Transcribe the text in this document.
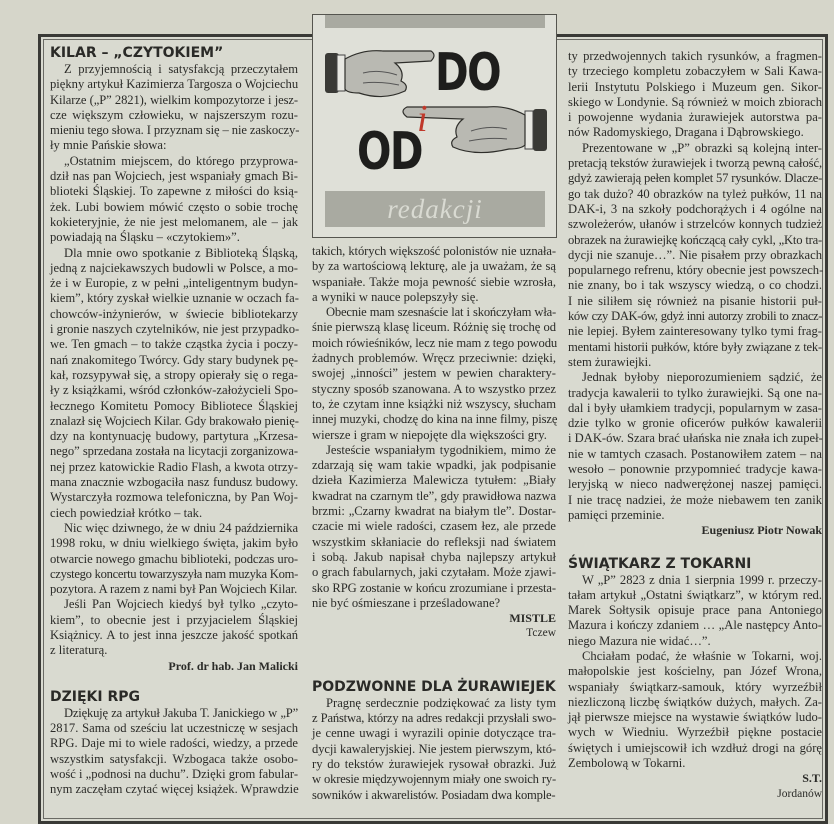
DO
i
OD
redakcji
KILAR – „CZYTOKIEM”
Z przyjemnością i satysfakcją przeczytałem
piękny artykuł Kazimierza Targosza o Wojciechu
Kilarze („P” 2821), wielkim kompozytorze i jesz-
cze większym człowieku, w najszerszym rozu-
mieniu tego słowa. I przyznam się – nie zaskoczy-
ły mnie Pańskie słowa:
„Ostatnim miejscem, do którego przyprowa-
dził nas pan Wojciech, jest wspaniały gmach Bi-
blioteki Śląskiej. To zapewne z miłości do ksią-
żek. Lubi bowiem mówić często o sobie trochę
kokieteryjnie, że nie jest melomanem, ale – jak
powiadają na Śląsku – «czytokiem»”.
Dla mnie owo spotkanie z Biblioteką Śląską,
jedną z najciekawszych budowli w Polsce, a mo-
że i w Europie, z w pełni „inteligentnym budyn-
kiem”, który zyskał wielkie uznanie w oczach fa-
chowców-inżynierów, w świecie bibliotekarzy
i gronie naszych czytelników, nie jest przypadko-
we. Ten gmach – to także cząstka życia i poczy-
nań znakomitego Twórcy. Gdy stary budynek pę-
kał, rozsypywał się, a stropy opierały się o rega-
ły z książkami, wśród członków-założycieli Spo-
łecznego Komitetu Pomocy Bibliotece Śląskiej
znalazł się Wojciech Kilar. Gdy brakowało pienię-
dzy na kontynuację budowy, partytura „Krzesa-
nego” sprzedana została na licytacji zorganizowa-
nej przez katowickie Radio Flash, a kwota otrzy-
mana znacznie wzbogaciła nasz fundusz budowy.
Wystarczyła rozmowa telefoniczna, by Pan Woj-
ciech powiedział krótko – tak.
Nic więc dziwnego, że w dniu 24 października
1998 roku, w dniu wielkiego święta, jakim było
otwarcie nowego gmachu biblioteki, podczas uro-
czystego koncertu towarzyszyła nam muzyka Kom-
pozytora. A razem z nami był Pan Wojciech Kilar.
Jeśli Pan Wojciech kiedyś był tylko „czyto-
kiem”, to obecnie jest i przyjacielem Śląskiej
Książnicy. A to jest inna jeszcze jakość spotkań
z literaturą.
Prof. dr hab. Jan Malicki
DZIĘKI RPG
Dziękuję za artykuł Jakuba T. Janickiego w „P”
2817. Sama od sześciu lat uczestniczę w sesjach
RPG. Daje mi to wiele radości, wiedzy, a przede
wszystkim satysfakcji. Wzbogaca także osobo-
wość i „podnosi na duchu”. Dzięki grom fabular-
nym zaczęłam czytać więcej książek. Wprawdzie
takich, których większość polonistów nie uznała-
by za wartościową lekturę, ale ja uważam, że są
wspaniałe. Także moja pewność siebie wzrosła,
a wyniki w nauce polepszyły się.
Obecnie mam szesnaście lat i skończyłam wła-
śnie pierwszą klasę liceum. Różnię się trochę od
moich rówieśników, lecz nie mam z tego powodu
żadnych problemów. Wręcz przeciwnie: dzięki,
swojej „inności” jestem w pewien charaktery-
styczny sposób szanowana. A to wszystko przez
to, że czytam inne książki niż wszyscy, słucham
innej muzyki, chodzę do kina na inne filmy, piszę
wiersze i gram w niepojęte dla większości gry.
Jesteście wspaniałym tygodnikiem, mimo że
zdarzają się wam takie wpadki, jak podpisanie
dzieła Kazimierza Malewicza tytułem: „Biały
kwadrat na czarnym tle”, gdy prawidłowa nazwa
brzmi: „Czarny kwadrat na białym tle”. Dostar-
czacie mi wiele radości, czasem łez, ale przede
wszystkim skłaniacie do refleksji nad światem
i sobą. Jakub napisał chyba najlepszy artykuł
o grach fabularnych, jaki czytałam. Może zjawi-
sko RPG zostanie w końcu zrozumiane i przesta-
nie być ośmieszane i prześladowane?
MISTLE
Tczew
PODZWONNE DLA ŻURAWIEJEK
Pragnę serdecznie podziękować za listy tym
z Państwa, którzy na adres redakcji przysłali swo-
je cenne uwagi i wyrazili opinie dotyczące tra-
dycji kawaleryjskiej. Nie jestem pierwszym, któ-
ry do tekstów żurawiejek rysował obrazki. Już
w okresie międzywojennym miały one swoich ry-
sowników i akwarelistów. Posiadam dwa komple-
ty przedwojennych takich rysunków, a fragmen-
ty trzeciego kompletu zobaczyłem w Sali Kawa-
lerii Instytutu Polskiego i Muzeum gen. Sikor-
skiego w Londynie. Są również w moich zbiorach
i powojenne wydania żurawiejek autorstwa pa-
nów Radomyskiego, Dragana i Dąbrowskiego.
Prezentowane w „P” obrazki są kolejną inter-
pretacją tekstów żurawiejek i tworzą pewną całość,
gdyż zawierają pełen komplet 57 rysunków. Dlacze-
go tak dużo? 40 obrazków na tyleż pułków, 11 na
DAK-i, 3 na szkoły podchorążych i 4 ogólne na
szwoleżerów, ułanów i strzelców konnych tudzież
obrazek na żurawiejkę kończącą cały cykl, „Kto tra-
dycji nie szanuje…”. Nie pisałem przy obrazkach
popularnego refrenu, który obecnie jest powszech-
nie znany, bo i tak wszyscy wiedzą, o co chodzi.
I nie siliłem się również na pisanie historii puł-
ków czy DAK-ów, gdyż inni autorzy zrobili to znacz-
nie lepiej. Byłem zainteresowany tylko tymi frag-
mentami historii pułków, które były związane z tek-
stem żurawiejki.
Jednak byłoby nieporozumieniem sądzić, że
tradycja kawalerii to tylko żurawiejki. Są one na-
dal i były ułamkiem tradycji, popularnym w zasa-
dzie tylko w gronie oficerów pułków kawalerii
i DAK-ów. Szara brać ułańska nie znała ich zupeł-
nie w tamtych czasach. Postanowiłem zatem – na
wesoło – ponownie przypomnieć tradycje kawa-
leryjską w nieco nadwerężonej naszej pamięci.
I nie tracę nadziei, że może niebawem ten zanik
pamięci przeminie.
Eugeniusz Piotr Nowak
ŚWIĄTKARZ Z TOKARNI
W „P” 2823 z dnia 1 sierpnia 1999 r. przeczy-
tałam artykuł „Ostatni świątkarz”, w którym red.
Marek Sołtysik opisuje prace pana Antoniego
Mazura i kończy zdaniem … „Ale następcy Anto-
niego Mazura nie widać…”.
Chciałam podać, że właśnie w Tokarni, woj.
małopolskie jest kościelny, pan Józef Wrona,
wspaniały świątkarz-samouk, który wyrzeźbił
niezliczoną liczbę świątków dużych, małych. Za-
jął pierwsze miejsce na wystawie świątków ludo-
wych w Wiedniu. Wyrzeźbił piękne postacie
świętych i umiejscowił ich wzdłuż drogi na górę
Zembolową w Tokarni.
S.T.
Jordanów
